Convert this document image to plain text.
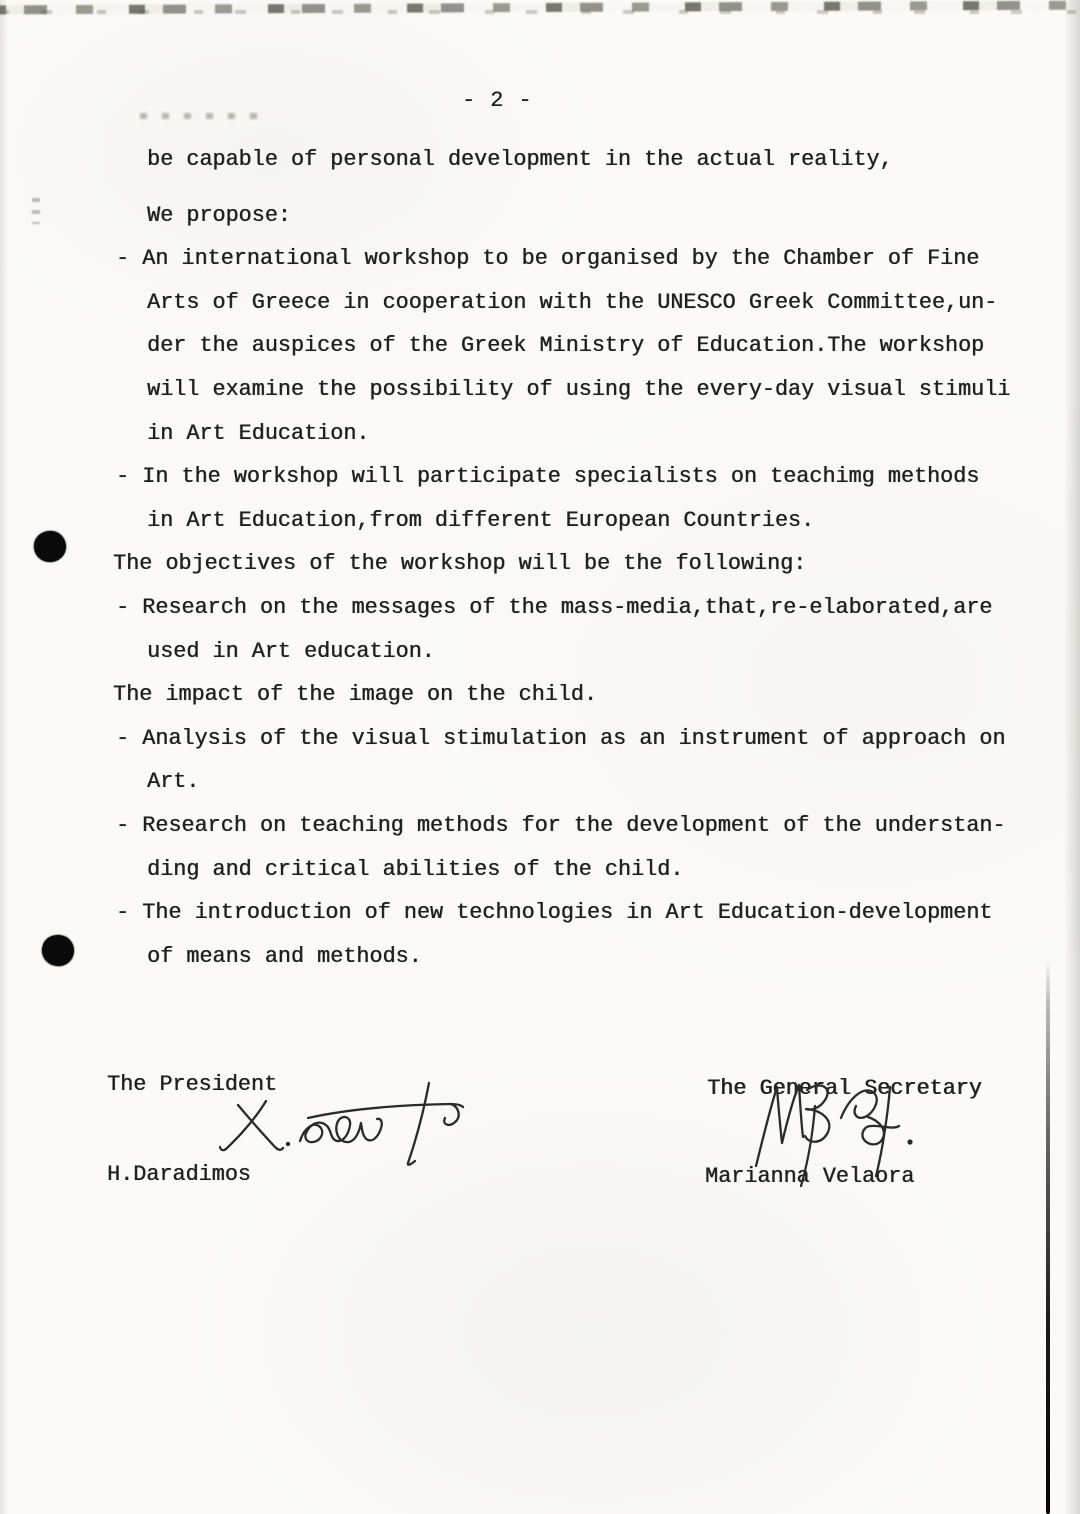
- 2 -
be capable of personal development in the actual reality,
We propose:
- An international workshop to be organised by the Chamber of Fine
Arts of Greece in cooperation with the UNESCO Greek Committee,un-
der the auspices of the Greek Ministry of Education.The workshop
will examine the possibility of using the every-day visual stimuli
in Art Education.
- In the workshop will participate specialists on teachimg methods
in Art Education,from different European Countries.
The objectives of the workshop will be the following:
- Research on the messages of the mass-media,that,re-elaborated,are
used in Art education.
The impact of the image on the child.
- Analysis of the visual stimulation as an instrument of approach on
Art.
- Research on teaching methods for the development of the understan-
ding and critical abilities of the child.
- The introduction of new technologies in Art Education-development
of means and methods.
The President
H.Daradimos
The General Secretary
Marianna Velaora
